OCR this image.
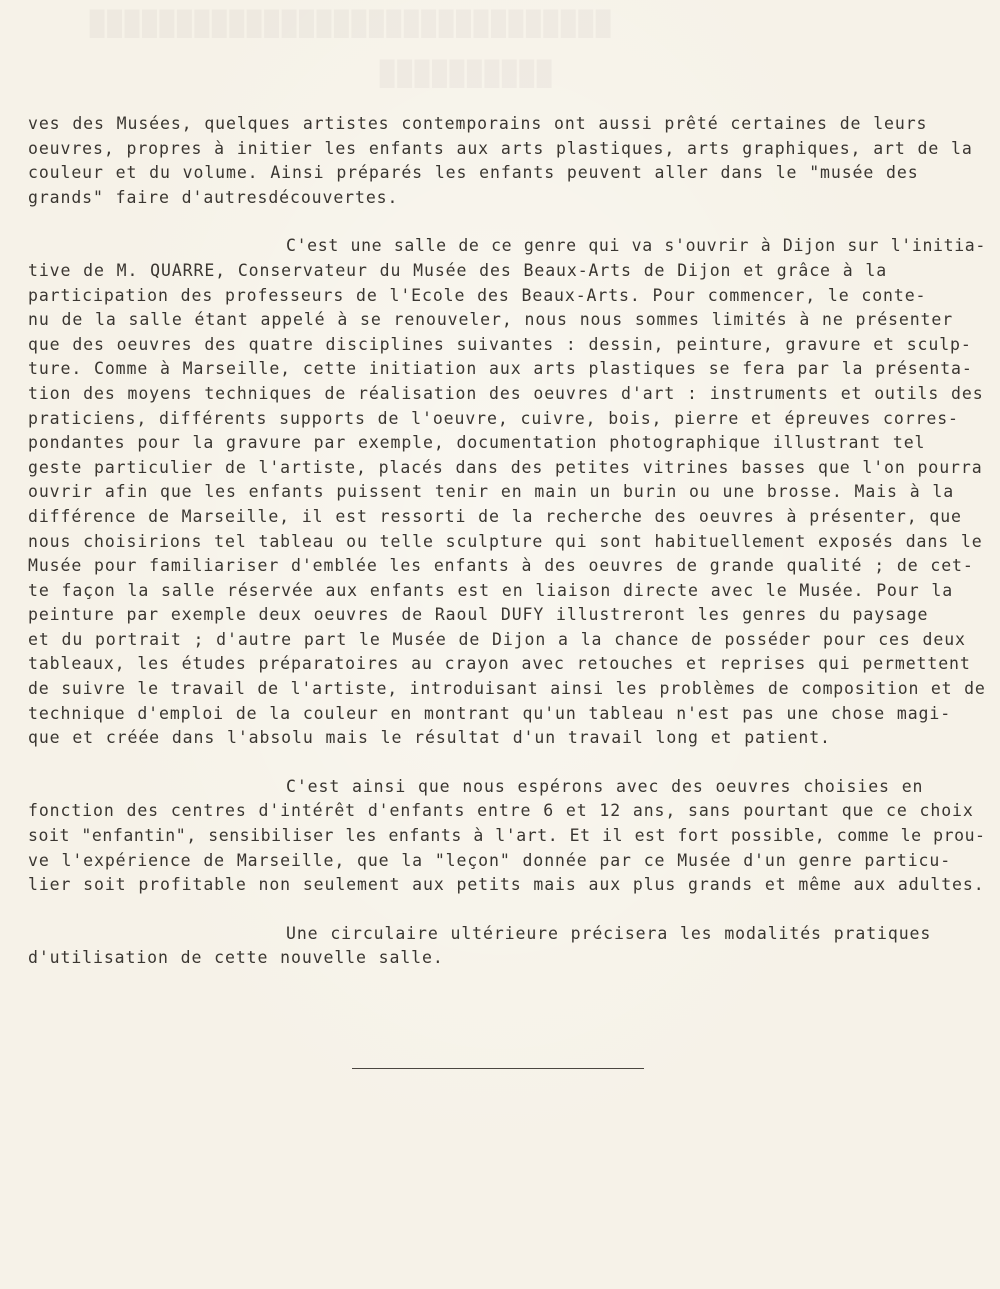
██████████████████████████████
██████████

ves des Musées, quelques artistes contemporains ont aussi prêté certaines de leurs
oeuvres, propres à initier les enfants aux arts plastiques, arts graphiques, art de la
couleur et du volume. Ainsi préparés les enfants peuvent aller dans le "musée des
grands" faire d'autresdécouvertes.

C'est une salle de ce genre qui va s'ouvrir à Dijon sur l'initia-
tive de M. QUARRE, Conservateur du Musée des Beaux-Arts de Dijon et grâce à la
participation des professeurs de l'Ecole des Beaux-Arts. Pour commencer, le conte-
nu de la salle étant appelé à se renouveler, nous nous sommes limités à ne présenter
que des oeuvres des quatre disciplines suivantes : dessin, peinture, gravure et sculp-
ture. Comme à Marseille, cette initiation aux arts plastiques se fera par la présenta-
tion des moyens techniques de réalisation des oeuvres d'art : instruments et outils des
praticiens, différents supports de l'oeuvre, cuivre, bois, pierre et épreuves corres-
pondantes pour la gravure par exemple, documentation photographique illustrant tel
geste particulier de l'artiste, placés dans des petites vitrines basses que l'on pourra
ouvrir afin que les enfants puissent tenir en main un burin ou une brosse. Mais à la
différence de Marseille, il est ressorti de la recherche des oeuvres à présenter, que
nous choisirions tel tableau ou telle sculpture qui sont habituellement exposés dans le
Musée pour familiariser d'emblée les enfants à des oeuvres de grande qualité ; de cet-
te façon la salle réservée aux enfants est en liaison directe avec le Musée. Pour la
peinture par exemple deux oeuvres de Raoul DUFY illustreront les genres du paysage
et du portrait ; d'autre part le Musée de Dijon a la chance de posséder pour ces deux
tableaux, les études préparatoires au crayon avec retouches et reprises qui permettent
de suivre le travail de l'artiste, introduisant ainsi les problèmes de composition et de
technique d'emploi de la couleur en montrant qu'un tableau n'est pas une chose magi-
que et créée dans l'absolu mais le résultat d'un travail long et patient.

C'est ainsi que nous espérons avec des oeuvres choisies en
fonction des centres d'intérêt d'enfants entre 6 et 12 ans, sans pourtant que ce choix
soit "enfantin", sensibiliser les enfants à l'art. Et il est fort possible, comme le prou-
ve l'expérience de Marseille, que la "leçon" donnée par ce Musée d'un genre particu-
lier soit profitable non seulement aux petits mais aux plus grands et même aux adultes.

Une circulaire ultérieure précisera les modalités pratiques
d'utilisation de cette nouvelle salle.
